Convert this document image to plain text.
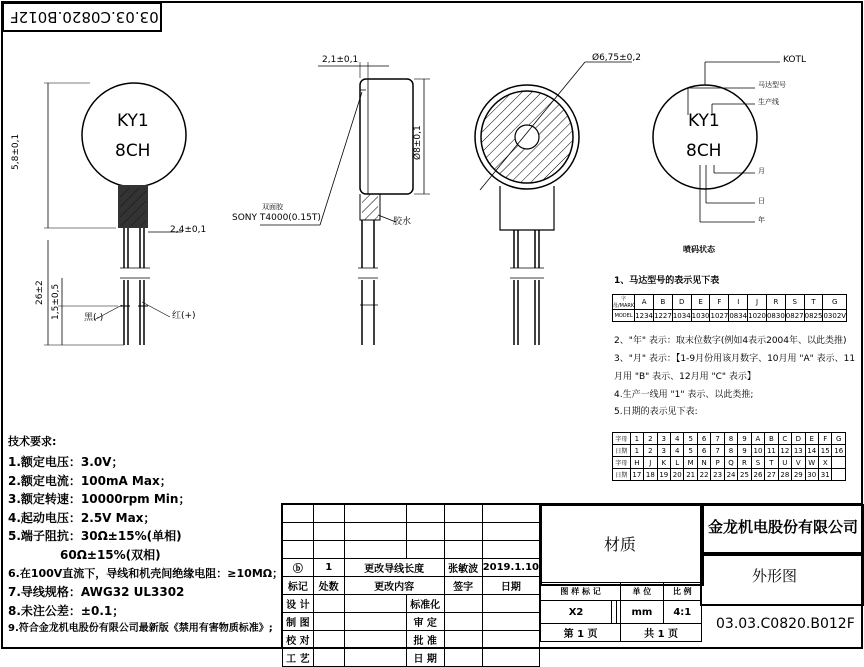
03.03.C0820.B012F
KY1
8CH
5,8±0,1
2,4±0,1
26±2 1,5±0,5	黑(-)	红(+)
2,1±0,1
Ø8±0,1
双面胶
SONY T4000(0.15T)	胶水
Ø6,75±0,2
KY1
8CH
KOTL
马达型号
生产线
月
日
年
喷码状态
1、马达型号的表示见下表
字母/MARK	A	B	D	E	F	I	J	R	S	T	G
MODEL	1234	1227	1034	1030	1027	0834	1020	0830	0827	0825	0302V
2、"年" 表示：取末位数字(例如4表示2004年、以此类推)
3、"月" 表示：【1-9月份用该月数字、10月用 "A" 表示、11
月用 "B" 表示、12月用 "C" 表示】
4.生产一线用 "1" 表示、以此类推;
5.日期的表示见下表:
字母	1	2	3	4	5	6	7	8	9	A	B	C	D	E	F	G
日期	1	2	3	4	5	6	7	8	9	10	11	12	13	14	15	16
字母	H	J	K	L	M	N	P	Q	R	S	T	U	V	W	X	
日期	17	18	19	20	21	22	23	24	25	26	27	28	29	30	31	
技术要求:
1.额定电压：3.0V；
2.额定电流：100mA Max；
3.额定转速：10000rpm Min；
4.起动电压：2.5V Max；
5.端子阻抗：30Ω±15%(单相)
60Ω±15%(双相)
6.在100V直流下，导线和机壳间绝缘电阻：≥10MΩ；
7.导线规格：AWG32 UL3302
8.未注公差：±0.1；
9.符合金龙机电股份有限公司最新版《禁用有害物质标准》;

ⓑ	1	更改导线长度		张敏波	2019.1.10
标记	处数	更改内容		签字	日期
设 计			标准化		
制 图			审 定		
校 对			批 准		
工 艺			日 期		
材质
图 样 标 记			单 位	比 例
X2			mm	4:1
第 1 页			共 1 页	
金龙机电股份有限公司
外形图
03.03.C0820.B012F
